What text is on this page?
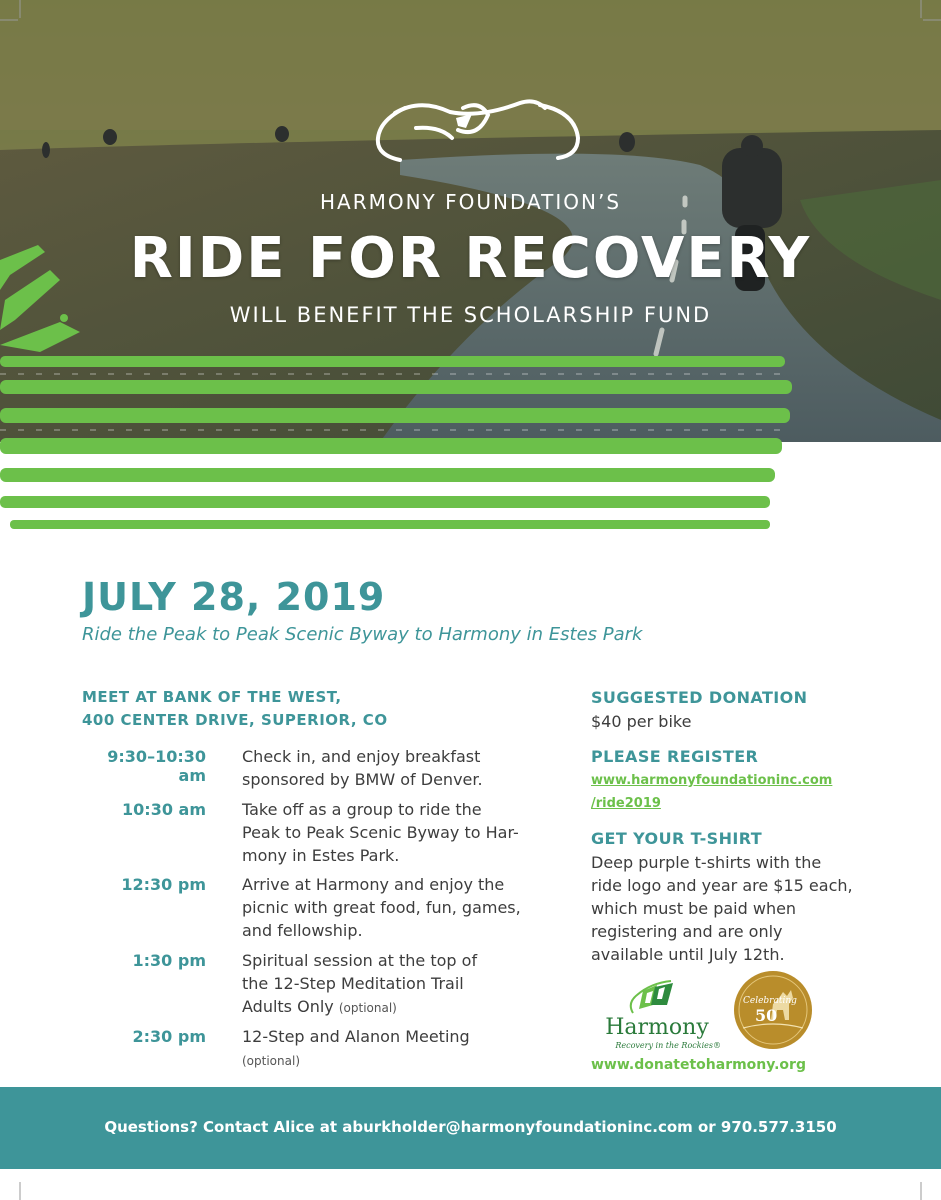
HARMONY FOUNDATION’S
RIDE FOR RECOVERY
WILL BENEFIT THE SCHOLARSHIP FUND
JULY 28, 2019
Ride the Peak to Peak Scenic Byway to Harmony in Estes Park
MEET AT BANK OF THE WEST,
400 CENTER DRIVE, SUPERIOR, CO
9:30–10:30 am
Check in, and enjoy breakfast
sponsored by BMW of Denver.
10:30 am Take off as a group to ride the
Peak to Peak Scenic Byway to Har-
mony in Estes Park.
12:30 pm Arrive at Harmony and enjoy the
picnic with great food, fun, games,
and fellowship.
1:30 pm Spiritual session at the top of
the 12-Step Meditation Trail
Adults Only (optional)
2:30 pm 12-Step and Alanon Meeting
(optional)
SUGGESTED DONATION
$40 per bike
PLEASE REGISTER
www.harmonyfoundationinc.com
/ride2019
GET YOUR T-SHIRT
Deep purple t-shirts with the
ride logo and year are $15 each,
which must be paid when
registering and are only
available until July 12th.
Harmony
Recovery in the Rockies®
Celebrating
50
www.donatetoharmony.org
Questions? Contact Alice at aburkholder@harmonyfoundationinc.com or 970.577.3150
